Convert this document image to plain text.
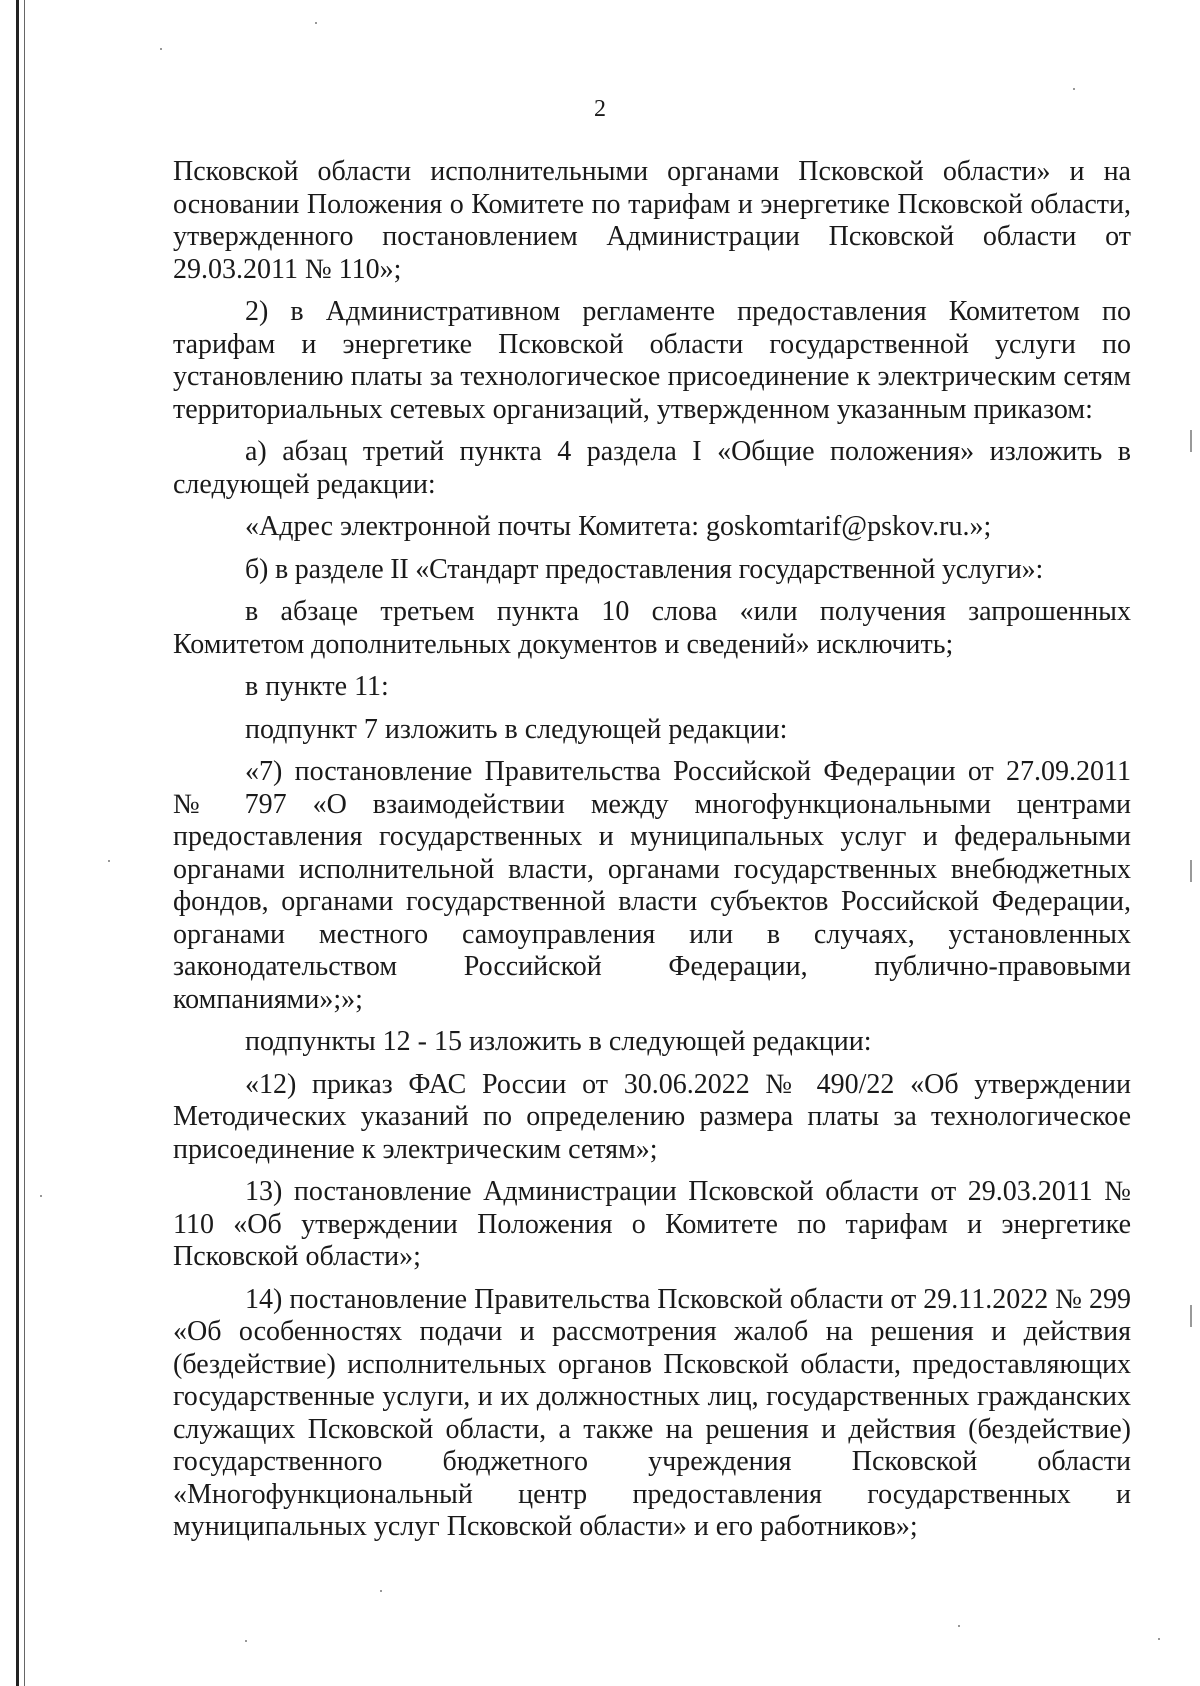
2

Псковской области исполнительными органами Псковской области» и на основании Положения о Комитете по тарифам и энергетике Псковской области, утвержденного постановлением Администрации Псковской области от 29.03.2011 № 110»;

2) в Административном регламенте предоставления Комитетом по тарифам и энергетике Псковской области государственной услуги по установлению платы за технологическое присоединение к электрическим сетям территориальных сетевых организаций, утвержденном указанным приказом:

а) абзац третий пункта 4 раздела I «Общие положения» изложить в следующей редакции:

«Адрес электронной почты Комитета: goskomtarif@pskov.ru.»;

б) в разделе II «Стандарт предоставления государственной услуги»:

в абзаце третьем пункта 10 слова «или получения запрошенных Комитетом дополнительных документов и сведений» исключить;

в пункте 11:

подпункт 7 изложить в следующей редакции:

«7) постановление Правительства Российской Федерации от 27.09.2011 № 797 «О взаимодействии между многофункциональными центрами предоставления государственных и муниципальных услуг и федеральными органами исполнительной власти, органами государственных внебюджетных фондов, органами государственной власти субъектов Российской Федерации, органами местного самоуправления или в случаях, установленных законодательством Российской Федерации, публично-правовыми компаниями»;»;

подпункты 12 - 15 изложить в следующей редакции:

«12) приказ ФАС России от 30.06.2022 № 490/22 «Об утверждении Методических указаний по определению размера платы за технологическое присоединение к электрическим сетям»;

13) постановление Администрации Псковской области от 29.03.2011 № 110 «Об утверждении Положения о Комитете по тарифам и энергетике Псковской области»;

14) постановление Правительства Псковской области от 29.11.2022 № 299 «Об особенностях подачи и рассмотрения жалоб на решения и действия (бездействие) исполнительных органов Псковской области, предоставляющих государственные услуги, и их должностных лиц, государственных гражданских служащих Псковской области, а также на решения и действия (бездействие) государственного бюджетного учреждения Псковской области «Многофункциональный центр предоставления государственных и муниципальных услуг Псковской области» и его работников»;
